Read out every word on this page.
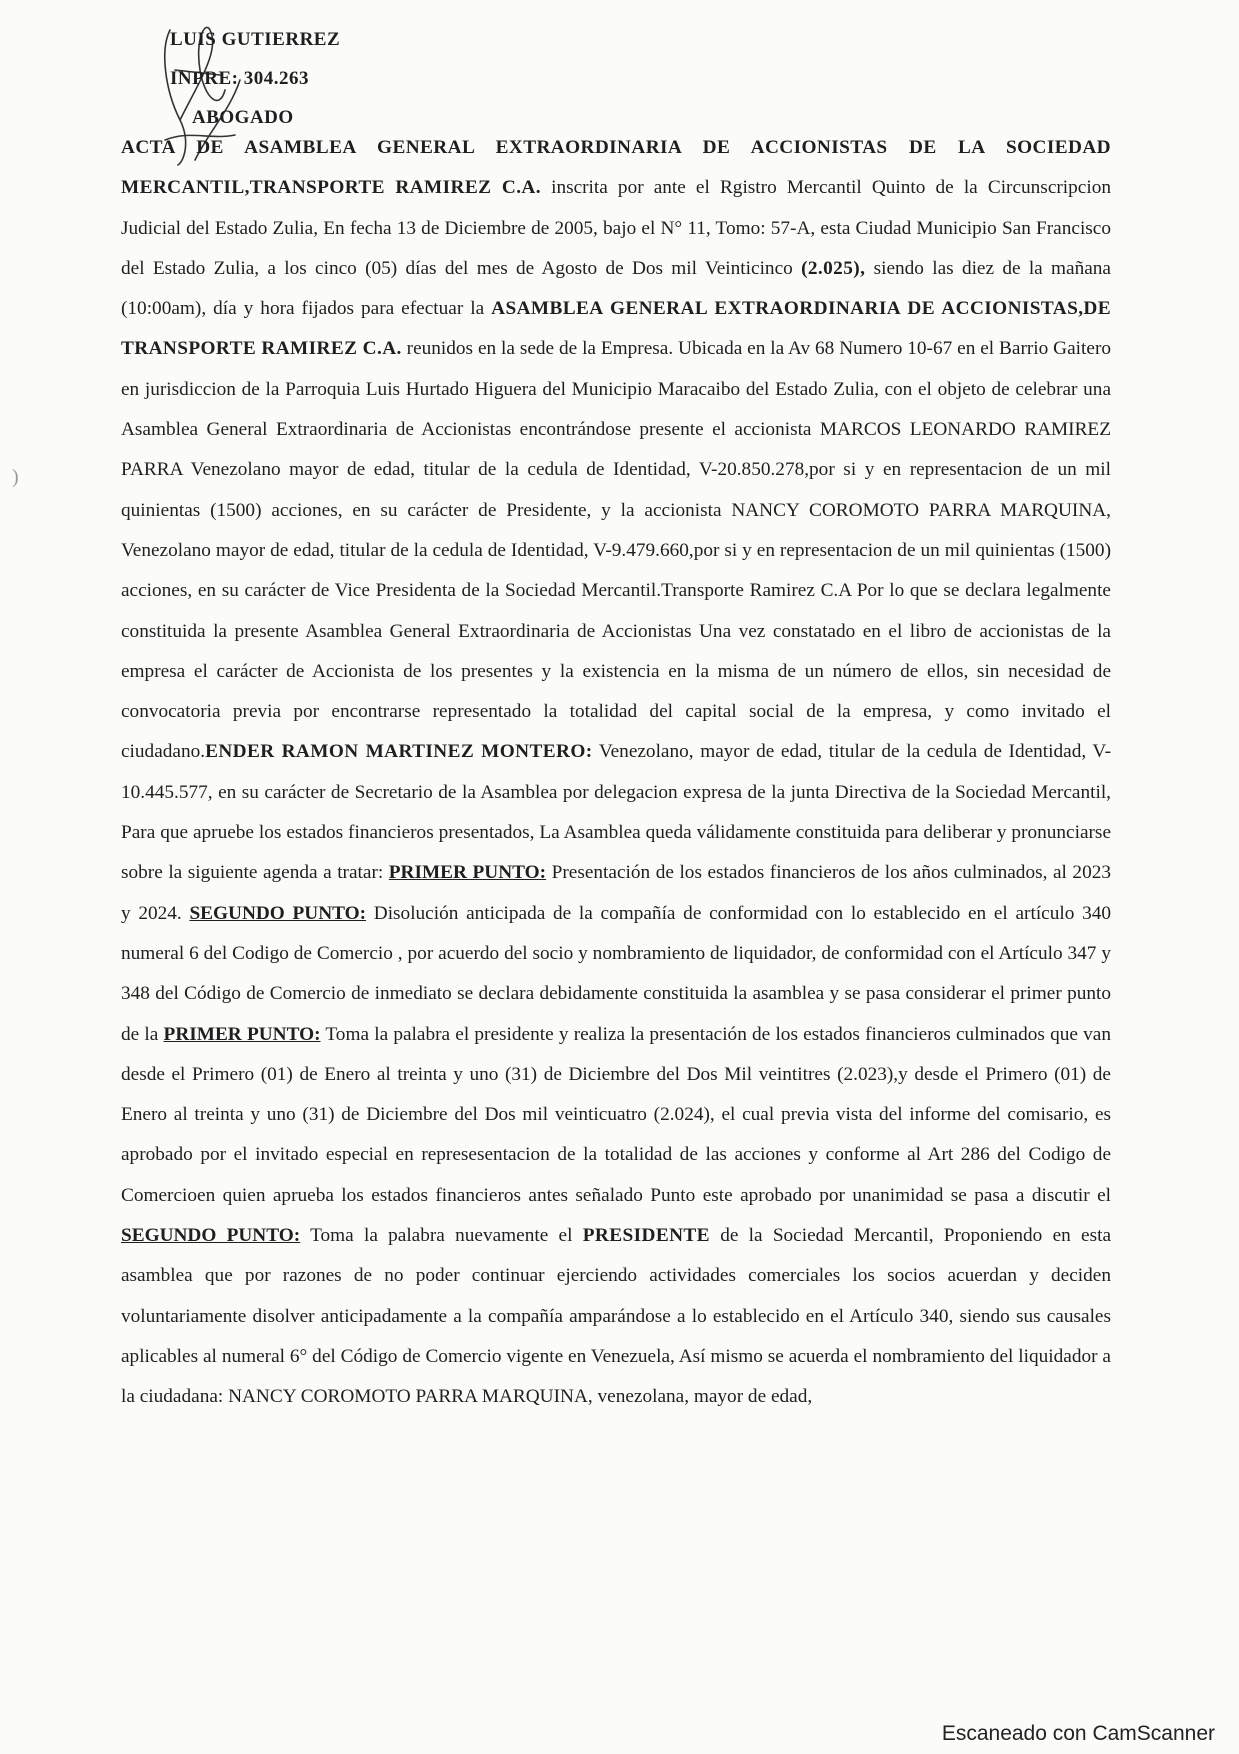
LUIS GUTIERREZ
INPRE: 304.263
ABOGADO
ACTA DE ASAMBLEA GENERAL EXTRAORDINARIA DE ACCIONISTAS DE LA SOCIEDAD MERCANTIL,TRANSPORTE RAMIREZ C.A. inscrita por ante el Rgistro Mercantil Quinto de la Circunscripcion Judicial del Estado Zulia, En fecha 13 de Diciembre de 2005, bajo el N° 11, Tomo: 57-A, esta Ciudad Municipio San Francisco del Estado Zulia, a los cinco (05) días del mes de Agosto de Dos mil Veinticinco (2.025), siendo las diez de la mañana (10:00am), día y hora fijados para efectuar la ASAMBLEA GENERAL EXTRAORDINARIA DE ACCIONISTAS,DE TRANSPORTE RAMIREZ C.A. reunidos en la sede de la Empresa. Ubicada en la Av 68 Numero 10-67 en el Barrio Gaitero en jurisdiccion de la Parroquia Luis Hurtado Higuera del Municipio Maracaibo del Estado Zulia, con el objeto de celebrar una Asamblea General Extraordinaria de Accionistas encontrándose presente el accionista MARCOS LEONARDO RAMIREZ PARRA Venezolano mayor de edad, titular de la cedula de Identidad, V-20.850.278,por si y en representacion de un mil quinientas (1500) acciones, en su carácter de Presidente, y la accionista NANCY COROMOTO PARRA MARQUINA, Venezolano mayor de edad, titular de la cedula de Identidad, V-9.479.660,por si y en representacion de un mil quinientas (1500) acciones, en su carácter de Vice Presidenta de la Sociedad Mercantil.Transporte Ramirez C.A Por lo que se declara legalmente constituida la presente Asamblea General Extraordinaria de Accionistas Una vez constatado en el libro de accionistas de la empresa el carácter de Accionista de los presentes y la existencia en la misma de un número de ellos, sin necesidad de convocatoria previa por encontrarse representado la totalidad del capital social de la empresa, y como invitado el ciudadano.ENDER RAMON MARTINEZ MONTERO: Venezolano, mayor de edad, titular de la cedula de Identidad, V-10.445.577, en su carácter de Secretario de la Asamblea por delegacion expresa de la junta Directiva de la Sociedad Mercantil, Para que apruebe los estados financieros presentados, La Asamblea queda válidamente constituida para deliberar y pronunciarse sobre la siguiente agenda a tratar: PRIMER PUNTO: Presentación de los estados financieros de los años culminados, al 2023 y 2024. SEGUNDO PUNTO: Disolución anticipada de la compañía de conformidad con lo establecido en el artículo 340 numeral 6 del Codigo de Comercio , por acuerdo del socio y nombramiento de liquidador, de conformidad con el Artículo 347 y 348 del Código de Comercio de inmediato se declara debidamente constituida la asamblea y se pasa considerar el primer punto de la PRIMER PUNTO: Toma la palabra el presidente y realiza la presentación de los estados financieros culminados que van desde el Primero (01) de Enero al treinta y uno (31) de Diciembre del Dos Mil veintitres (2.023),y desde el Primero (01) de Enero al treinta y uno (31) de Diciembre del Dos mil veinticuatro (2.024), el cual previa vista del informe del comisario, es aprobado por el invitado especial en represesentacion de la totalidad de las acciones y conforme al Art 286 del Codigo de Comercioen quien aprueba los estados financieros antes señalado Punto este aprobado por unanimidad se pasa a discutir el SEGUNDO PUNTO: Toma la palabra nuevamente el PRESIDENTE de la Sociedad Mercantil, Proponiendo en esta asamblea que por razones de no poder continuar ejerciendo actividades comerciales los socios acuerdan y deciden voluntariamente disolver anticipadamente a la compañía amparándose a lo establecido en el Artículo 340, siendo sus causales aplicables al numeral 6° del Código de Comercio vigente en Venezuela, Así mismo se acuerda el nombramiento del liquidador a la ciudadana: NANCY COROMOTO PARRA MARQUINA, venezolana, mayor de edad,
)
Escaneado con CamScanner
